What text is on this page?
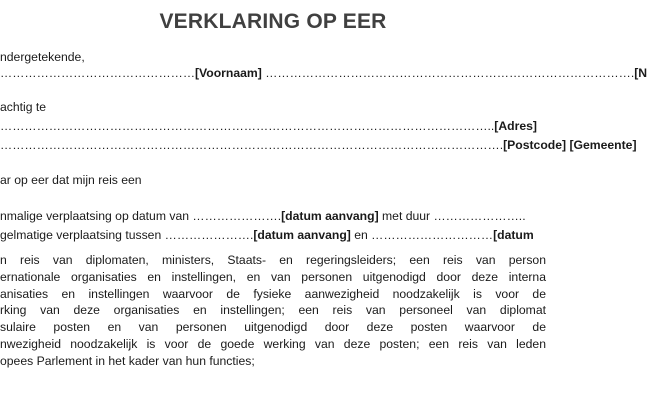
VERKLARING OP EER
ndergetekende,
…………………………………………[Voornaam] ……………………………………………………………………………….[N
achtig te
…………………………………………………………………………………………………………..[Adres]
…………………………………………………………………………………………………………….[Postcode] [Gemeente]
ar op eer dat mijn reis een
nmalige verplaatsing op datum van ………………….[datum aanvang] met duur …………………..
gelmatige verplaatsing tussen ………………….[datum aanvang] en …………………………[datum
n reis van diplomaten, ministers, Staats- en regeringsleiders; een reis van person
ernationale organisaties en instellingen, en van personen uitgenodigd door deze interna
anisaties en instellingen waarvoor de fysieke aanwezigheid noodzakelijk is voor de
rking van deze organisaties en instellingen; een reis van personeel van diplomat
sulaire posten en van personen uitgenodigd door deze posten waarvoor de
nwezigheid noodzakelijk is voor de goede werking van deze posten; een reis van leden
opees Parlement in het kader van hun functies;
